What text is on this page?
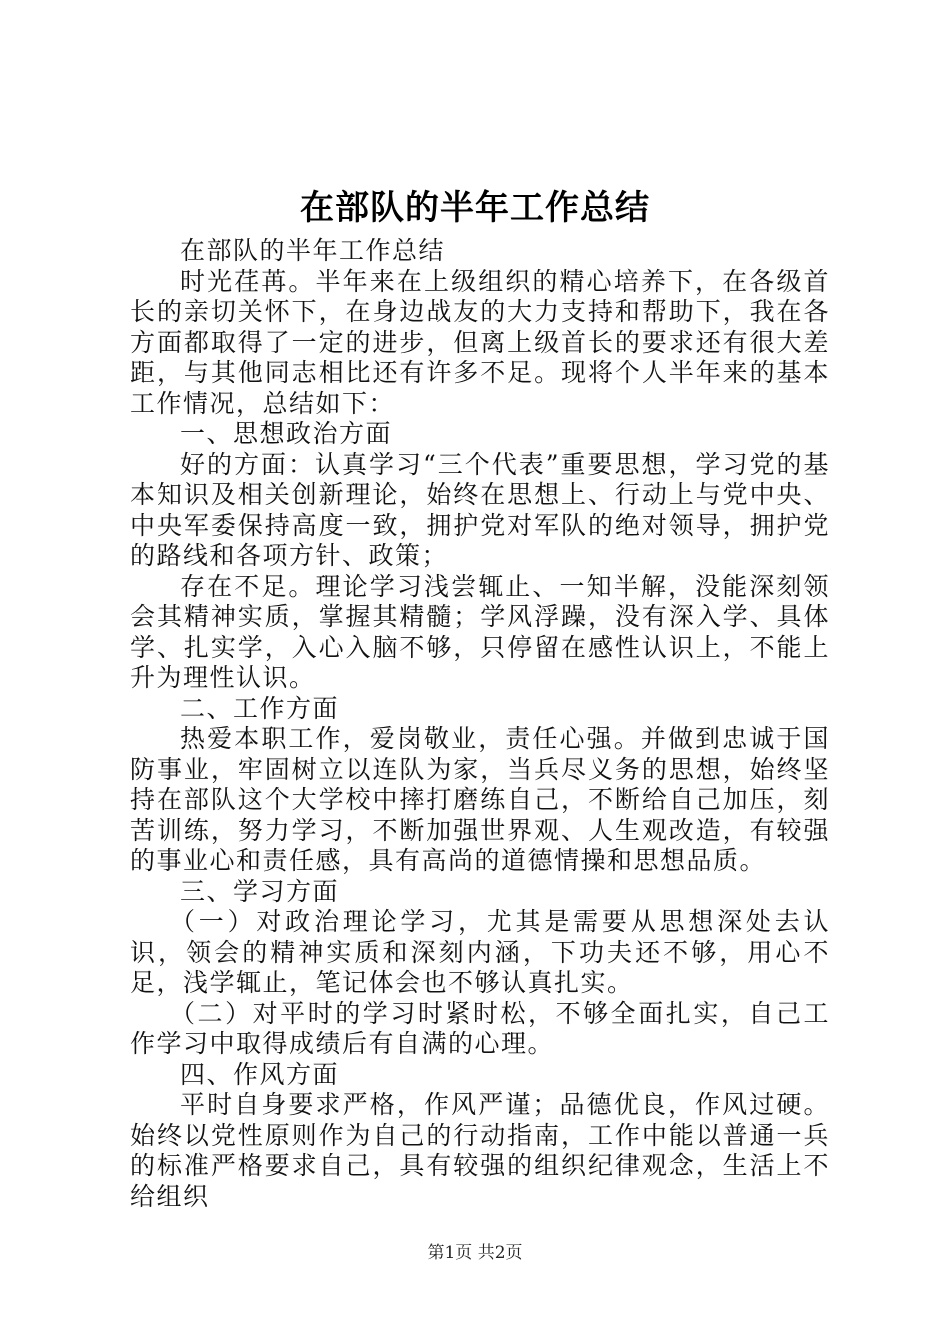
在部队的半年工作总结

在部队的半年工作总结

时光荏苒。半年来在上级组织的精心培养下，在各级首长的亲切关怀下，在身边战友的大力支持和帮助下，我在各方面都取得了一定的进步，但离上级首长的要求还有很大差距，与其他同志相比还有许多不足。现将个人半年来的基本工作情况，总结如下：

一、思想政治方面

好的方面：认真学习“三个代表”重要思想，学习党的基本知识及相关创新理论，始终在思想上、行动上与党中央、中央军委保持高度一致，拥护党对军队的绝对领导，拥护党的路线和各项方针、政策；

存在不足。理论学习浅尝辄止、一知半解，没能深刻领会其精神实质，掌握其精髓；学风浮躁，没有深入学、具体学、扎实学，入心入脑不够，只停留在感性认识上，不能上升为理性认识。

二、工作方面

热爱本职工作，爱岗敬业，责任心强。并做到忠诚于国防事业，牢固树立以连队为家，当兵尽义务的思想，始终坚持在部队这个大学校中摔打磨练自己，不断给自己加压，刻苦训练，努力学习，不断加强世界观、人生观改造，有较强的事业心和责任感，具有高尚的道德情操和思想品质。

三、学习方面

（一）对政治理论学习，尤其是需要从思想深处去认识，领会的精神实质和深刻内涵，下功夫还不够，用心不足，浅学辄止，笔记体会也不够认真扎实。

（二）对平时的学习时紧时松，不够全面扎实，自己工作学习中取得成绩后有自满的心理。

四、作风方面

平时自身要求严格，作风严谨；品德优良，作风过硬。始终以党性原则作为自己的行动指南，工作中能以普通一兵的标准严格要求自己，具有较强的组织纪律观念，生活上不给组织

第1页 共2页
